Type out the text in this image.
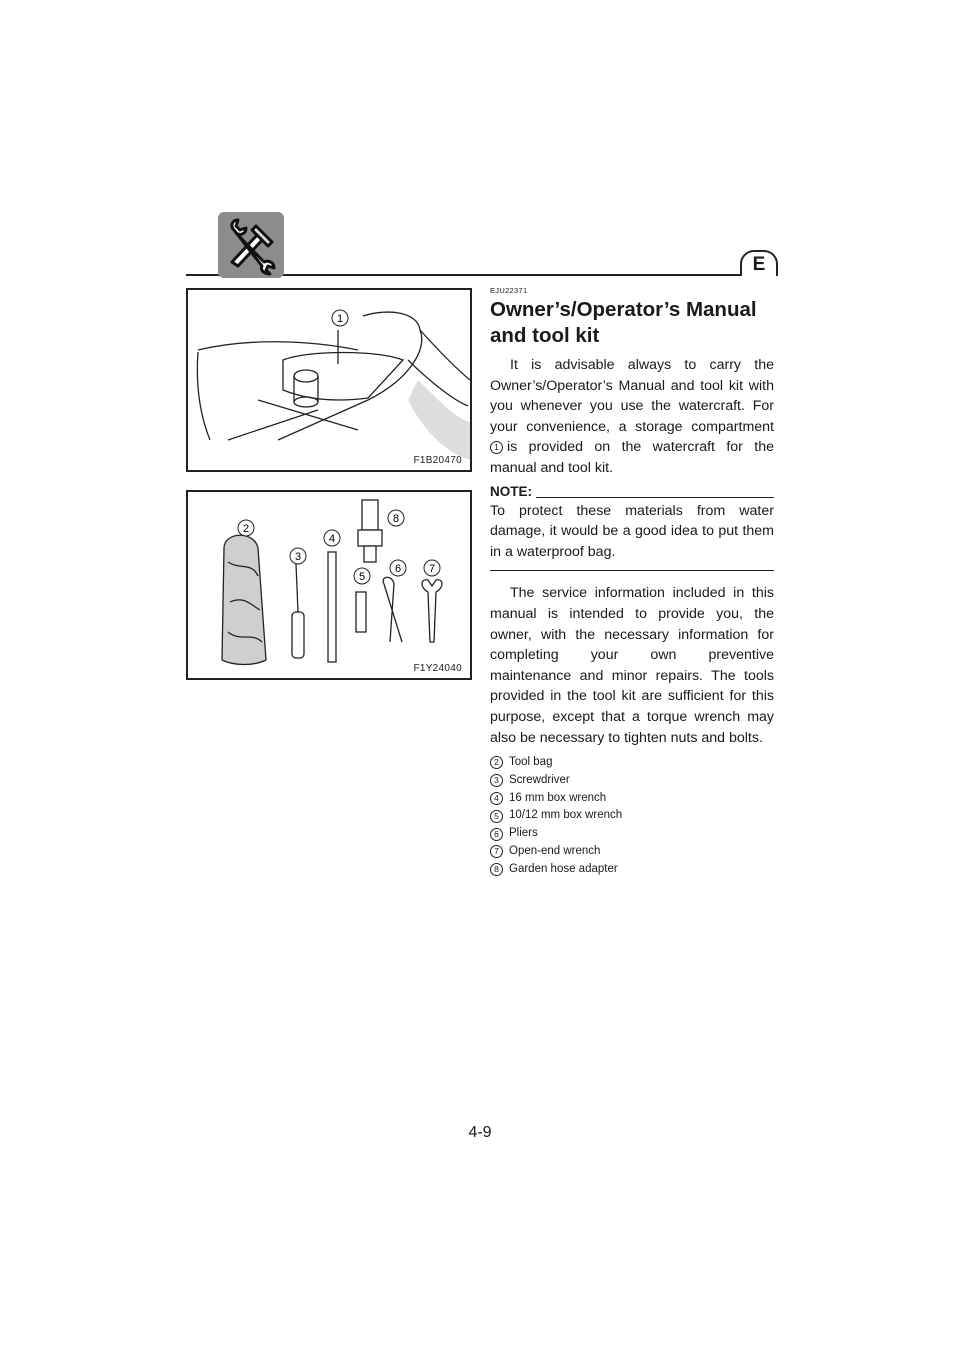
E
1
F1B20470
2
3
4
5
6	7
8
F1Y24040
EJU22371
Owner’s/Operator’s Manual and tool kit

It is advisable always to carry the Owner’s/Operator’s Manual and tool kit with you whenever you use the watercraft. For your convenience, a storage compartment 1 is provided on the watercraft for the manual and tool kit.

NOTE:

To protect these materials from water damage, it would be a good idea to put them in a waterproof bag.

The service information included in this manual is intended to provide you, the owner, with the necessary information for completing your own preventive maintenance and minor repairs. The tools provided in the tool kit are sufficient for this purpose, except that a torque wrench may also be necessary to tighten nuts and bolts.

2 Tool bag
3 Screwdriver
4 16 mm box wrench
5 10/12 mm box wrench
6 Pliers
7 Open-end wrench
8 Garden hose adapter
4-9
